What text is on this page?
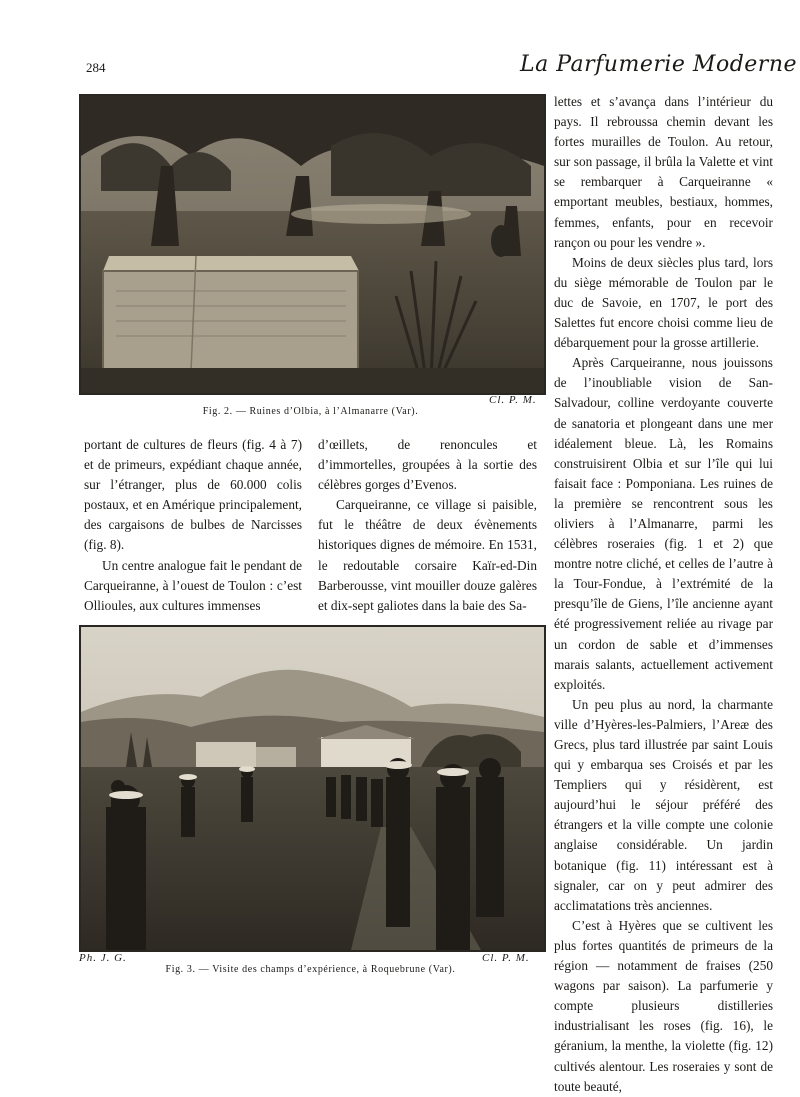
284	La Parfumerie Moderne
Cl. P. M.
Fig. 2. — Ruines d’Olbia, à l’Almanarre (Var).

portant de cultures de fleurs (fig. 4 à 7) et de primeurs, expédiant chaque année, sur l’étranger, plus de 60.000 colis postaux, et en Amérique principalement, des cargaisons de bulbes de Narcisses (fig. 8).

Un centre analogue fait le pendant de Carqueiranne, à l’ouest de Toulon : c’est Ollioules, aux cultures immenses

d’œillets, de renoncules et d’immortelles, groupées à la sortie des célèbres gorges d’Evenos.

Carqueiranne, ce village si paisible, fut le théâtre de deux évènements historiques dignes de mémoire. En 1531, le redoutable corsaire Kaïr-ed-Din Barberousse, vint mouiller douze galères et dix-sept galiotes dans la baie des Sa-

lettes et s’avança dans l’intérieur du pays. Il rebroussa chemin devant les fortes murailles de Toulon. Au retour, sur son passage, il brûla la Valette et vint se rembarquer à Carqueiranne « emportant meubles, bestiaux, hommes, femmes, enfants, pour en recevoir rançon ou pour les vendre ».

Moins de deux siècles plus tard, lors du siège mémorable de Toulon par le duc de Savoie, en 1707, le port des Salettes fut encore choisi comme lieu de débarquement pour la grosse artillerie.

Après Carqueiranne, nous jouissons de l’inoubliable vision de San-Salvadour, colline verdoyante couverte de sanatoria et plongeant dans une mer idéalement bleue. Là, les Romains construisirent Olbia et sur l’île qui lui faisait face : Pomponiana. Les ruines de la première se rencontrent sous les oliviers à l’Almanarre, parmi les célèbres roseraies (fig. 1 et 2) que montre notre cliché, et celles de l’autre à la Tour-Fondue, à l’extrémité de la presqu’île de Giens, l’île ancienne ayant été progressivement reliée au rivage par un cordon de sable et d’immenses marais salants, actuellement activement exploités.

Un peu plus au nord, la charmante ville d’Hyères-les-Palmiers, l’Areæ des Grecs, plus tard illustrée par saint Louis qui y embarqua ses Croisés et par les Templiers qui y résidèrent, est aujourd’hui le séjour préféré des étrangers et la ville compte une colonie anglaise considérable. Un jardin botanique (fig. 11) intéressant est à signaler, car on y peut admirer des acclimatations très anciennes.

C’est à Hyères que se cultivent les plus fortes quantités de primeurs de la région — notamment de fraises (250 wagons par saison). La parfumerie y compte plusieurs distilleries industrialisant les roses (fig. 16), le géranium, la menthe, la violette (fig. 12) cultivés alentour. Les roseraies y sont de toute beauté,

Ph. J. G.	Cl. P. M.
Fig. 3. — Visite des champs d’expérience, à Roquebrune (Var).
